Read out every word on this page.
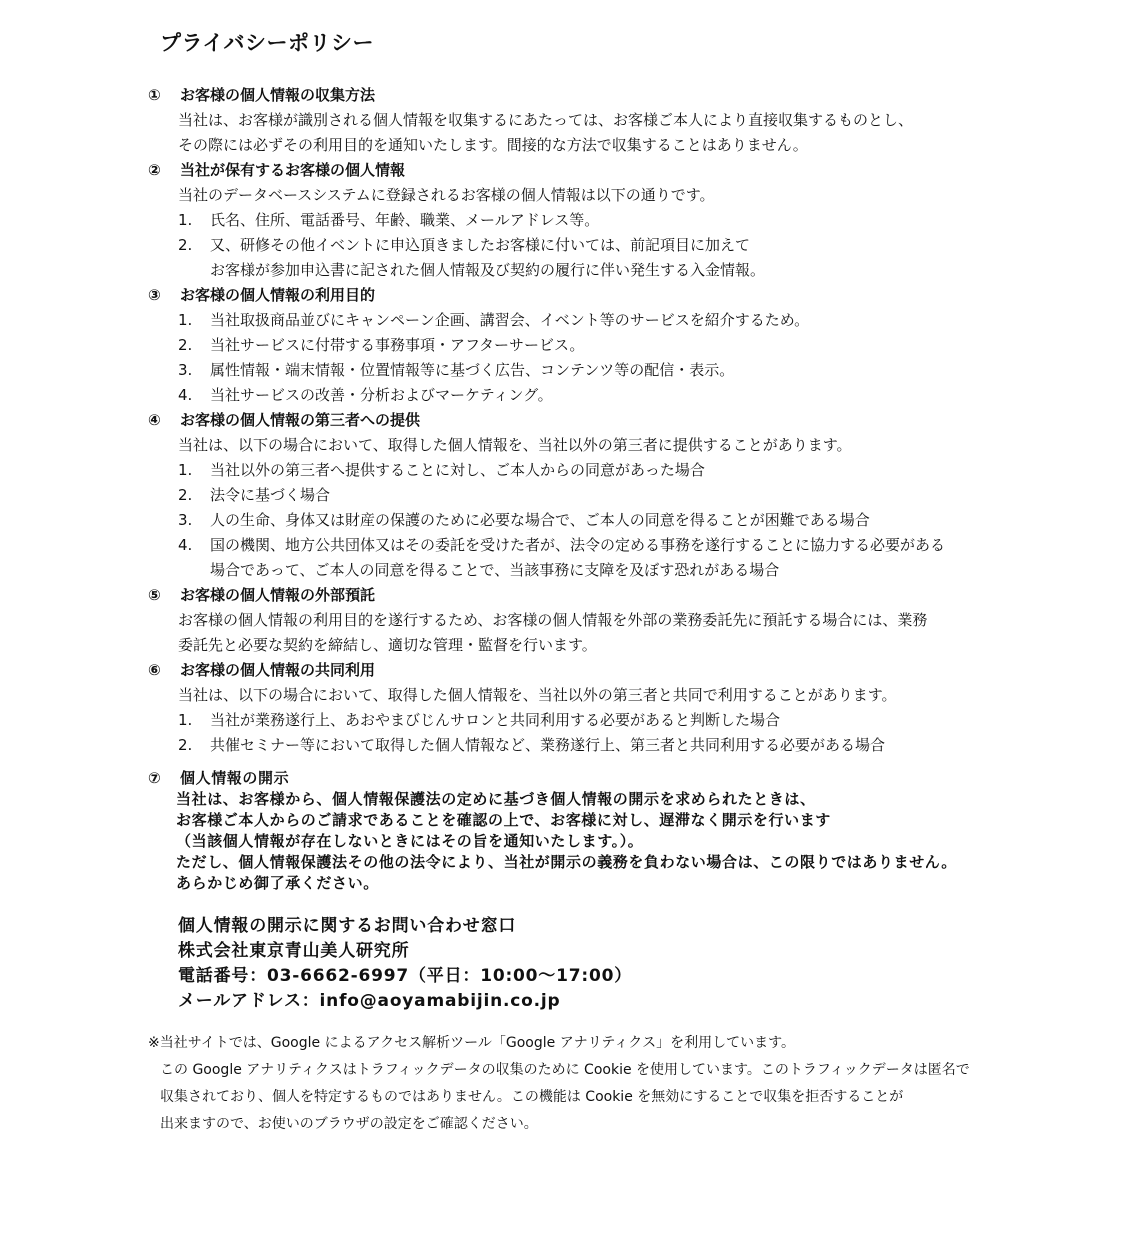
プライバシーポリシー
① お客様の個人情報の収集方法
当社は、お客様が識別される個人情報を収集するにあたっては、お客様ご本人により直接収集するものとし、
その際には必ずその利用目的を通知いたします。間接的な方法で収集することはありません。
② 当社が保有するお客様の個人情報
当社のデータベースシステムに登録されるお客様の個人情報は以下の通りです。
1. 氏名、住所、電話番号、年齢、職業、メールアドレス等。
2. 又、研修その他イベントに申込頂きましたお客様に付いては、前記項目に加えて
お客様が参加申込書に記された個人情報及び契約の履行に伴い発生する入金情報。
③ お客様の個人情報の利用目的
1. 当社取扱商品並びにキャンペーン企画、講習会、イベント等のサービスを紹介するため。
2. 当社サービスに付帯する事務事項・アフターサービス。
3. 属性情報・端末情報・位置情報等に基づく広告、コンテンツ等の配信・表示。
4. 当社サービスの改善・分析およびマーケティング。
④ お客様の個人情報の第三者への提供
当社は、以下の場合において、取得した個人情報を、当社以外の第三者に提供することがあります。
1. 当社以外の第三者へ提供することに対し、ご本人からの同意があった場合
2. 法令に基づく場合
3. 人の生命、身体又は財産の保護のために必要な場合で、ご本人の同意を得ることが困難である場合
4. 国の機関、地方公共団体又はその委託を受けた者が、法令の定める事務を遂行することに協力する必要がある
場合であって、ご本人の同意を得ることで、当該事務に支障を及ぼす恐れがある場合
⑤ お客様の個人情報の外部預託
お客様の個人情報の利用目的を遂行するため、お客様の個人情報を外部の業務委託先に預託する場合には、業務
委託先と必要な契約を締結し、適切な管理・監督を行います。
⑥ お客様の個人情報の共同利用
当社は、以下の場合において、取得した個人情報を、当社以外の第三者と共同で利用することがあります。
1. 当社が業務遂行上、あおやまびじんサロンと共同利用する必要があると判断した場合
2. 共催セミナー等において取得した個人情報など、業務遂行上、第三者と共同利用する必要がある場合
⑦ 個人情報の開示
当社は、お客様から、個人情報保護法の定めに基づき個人情報の開示を求められたときは、
お客様ご本人からのご請求であることを確認の上で、お客様に対し、遅滞なく開示を行います
（当該個人情報が存在しないときにはその旨を通知いたします。）。
ただし、個人情報保護法その他の法令により、当社が開示の義務を負わない場合は、この限りではありません。
あらかじめ御了承ください。
個人情報の開示に関するお問い合わせ窓口
株式会社東京青山美人研究所
電話番号：03-6662-6997（平日：10:00～17:00）
メールアドレス：info@aoyamabijin.co.jp
※当社サイトでは、Google によるアクセス解析ツール「Google アナリティクス」を利用しています。
この Google アナリティクスはトラフィックデータの収集のために Cookie を使用しています。このトラフィックデータは匿名で
収集されており、個人を特定するものではありません。この機能は Cookie を無効にすることで収集を拒否することが
出来ますので、お使いのブラウザの設定をご確認ください。
